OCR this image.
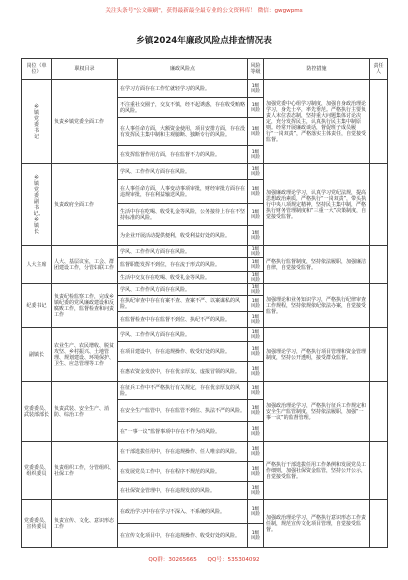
关注头条号"公文碳刷"，获得最新最全最专业的公文资料库！ 微信：gwgwpms
乡镇2024年廉政风险点排查情况表
岗位（单位）	职权目录	廉政风险点	风险等级	防控措施	责任人
乡镇党委书记	负责乡镇党委全面工作	在学习方面存在工作忙就轻学习的风险。	1级风险	加强党委中心组学习制度，加强自身政治理论学习，身先士卒，率先垂范。严格执行主要负责人末位表态制，坚持重大问题集体讨论决定，充分发挥民主，认真执行民主集中制原则。经常开展廉政谈话，督促班子成员履行“一岗双责”，严格落实主体责任，自觉接受监督。	
		不注重社交圈子，交友不慎，经不起诱惑，存在收受贿赂的风险。	1级风险		
		在人事任命方面，大额资金使用，项目安排方面，存在没有发挥民主集中制和主观臆断、独断专行的风险。	1级风险		
		在发挥监督作用方面，存在监督不力的风险。	1级风险		
乡镇党委副书记、乡镇长	负责政府全面工作	学风、工作作风方面存在风险。	1级风险	加强廉政理论学习，认真学习党纪法规，提高思想政治素质，严格执行“一岗双责”，带头执行中央八项规定精神，坚持民主集中制，严格执行财务管理制度和“三重一大”决策制度，自觉接受监督。	
		在人事任命方面，人事变动事项审批，财经审批方面存在违规审批，存在利益输送风险。	1级风险		
		生活中存在吃喝、收受礼金等风险，公务接待上存在不坚持标准的风险。	1级风险		
		为企业开展活动提供便利，收受利益好处的风险。	1级风险		
人大主席	人大、基层议室，工会、群团建设工作，分管妇联工作	学风、工作作风方面存在风险。	1级风险	严格执行监督制度，坚持依法履职，加强廉洁自律，自觉接受监督。	
		监督职能发挥不到位，存在流于形式的风险。	1级风险		
		生活中交友存在吃喝、收受礼金等风险。	1级风险		
纪委书记	负责纪检监察工作，完成乡镇纪委的党风廉政建设和反腐败工作，监督检查和问责工作	学风、工作作风方面存在风险。	1级风险	加强理论和业务知识学习，严格执行纪律审查工作规程，坚持依规依纪依法办案，自觉接受监督。	
		在执纪审查中存在有案不查、查案不严、以案谋私的风险。	1级风险		
		在监督检查中存在监督不到位、执纪不严的风险。	1级风险		
副镇长	农业生产、农民增收、脱贫攻坚、乡村振兴、土地管理、规划建设、环境保护、卫生、应急管理等工作	学风、工作作风方面存在风险。	1级风险	加强理论学习，严格执行项目管理和资金管理制度，坚持公开透明，接受群众监督。	
		在项目建设中，存在违规操作、收受好处的风险。	1级风险		
		在惠农资金发放中，存在优亲厚友、虚报冒领的风险。	1级风险		
党委委员、武装部部长	负责武装、安全生产、消防、综治工作	在征兵工作中不严格执行有关规定，存在优亲厚友的风险。	1级风险	加强政治理论学习，严格执行征兵工作规定和安全生产监管制度，坚持依法履职，加强“一事一议”的监督管理。	
		在安全生产监管中，存在监管不到位、执法不严的风险。	1级风险		
		在“一事一议”监督事项中存在不作为的风险。	1级风险		
党委委员、组织委员	负责组织工作，分管组织、社保工作	在干部选拔任用中，存在违规操作、任人唯亲的风险。	1级风险	严格执行干部选拔任用工作条例和发展党员工作细则，加强社保资金监管，坚持公开公示，自觉接受监督。	
		在发展党员工作中，存在程序不规范的风险。	1级风险		
		在社保资金管理中，存在违规发放的风险。	1级风险		
党委委员、宣传委员	负责宣传、文化、意识形态工作	在政治学习中存在学习不深入、不系统的风险。	1级风险	加强政治理论学习，严格执行意识形态工作责任制，规范宣传文化项目管理，自觉接受监督。	
		在宣传文化项目中，存在违规操作、收受好处的风险。	1级风险		
QQ群：30265665      QQ号：535304092
